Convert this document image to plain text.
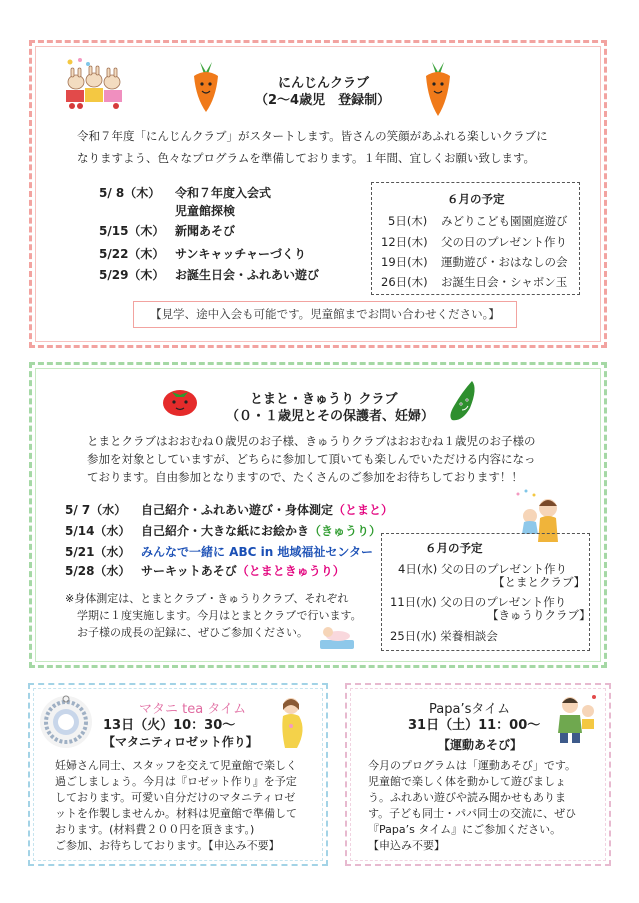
にんじんクラブ
（2～4歳児　登録制）
令和７年度「にんじんクラブ」がスタートします。皆さんの笑顔があふれる楽しいクラブに
なりますよう、色々なプログラムを準備しております。１年間、宜しくお願い致します。
5/ 8（木） 令和７年度入会式
児童館探検
5/15（木） 新聞あそび
5/22（木） サンキャッチャーづくり
5/29（木） お誕生日会・ふれあい遊び
６月の予定
5日(木) みどりこども園園庭遊び
12日(木) 父の日のプレゼント作り
19日(木) 運動遊び・おはなしの会
26日(木) お誕生日会・シャボン玉
【見学、途中入会も可能です。児童館までお問い合わせください。】
とまと・きゅうり クラブ
（０・１歳児とその保護者、妊婦）
とまとクラブはおおむね０歳児のお子様、きゅうりクラブはおおむね１歳児のお子様の
参加を対象としていますが、どちらに参加して頂いても楽しんでいただける内容になっ
ております。自由参加となりますので、たくさんのご参加をお待ちしております！！
5/ 7（水） 自己紹介・ふれあい遊び・身体測定（とまと）
5/14（水） 自己紹介・大きな紙にお絵かき（きゅうり）
5/21（水） みんなで一緒に ABC in 地域福祉センター
5/28（水） サーキットあそび（とまときゅうり）
※身体測定は、とまとクラブ・きゅうりクラブ、それぞれ
学期に１度実施します。今月はとまとクラブで行います。
お子様の成長の記録に、ぜひご参加ください。
６月の予定
4日(水) 父の日のプレゼント作り
【とまとクラブ】
11日(水) 父の日のプレゼント作り
【きゅうりクラブ】
25日(水) 栄養相談会
マタニ tea タイム
13日（火）10：30～
【マタニティロゼット作り】
妊婦さん同士、スタッフを交えて児童館で楽しく
過ごしましょう。今月は『ロゼット作り』を予定
しております。可愛い自分だけのマタニティロゼ
ットを作製しませんか。材料は児童館で準備して
おります。(材料費２００円を頂きます。)
ご参加、お待ちしております。【申込み不要】
Papa’sタイム
31日（土）11：00～
【運動あそび】
今月のプログラムは「運動あそび」です。
児童館で楽しく体を動かして遊びましょ
う。ふれあい遊びや読み聞かせもありま
す。子ども同士・パパ同士の交流に、ぜひ
『Papa’s タイム』にご参加ください。
【申込み不要】
